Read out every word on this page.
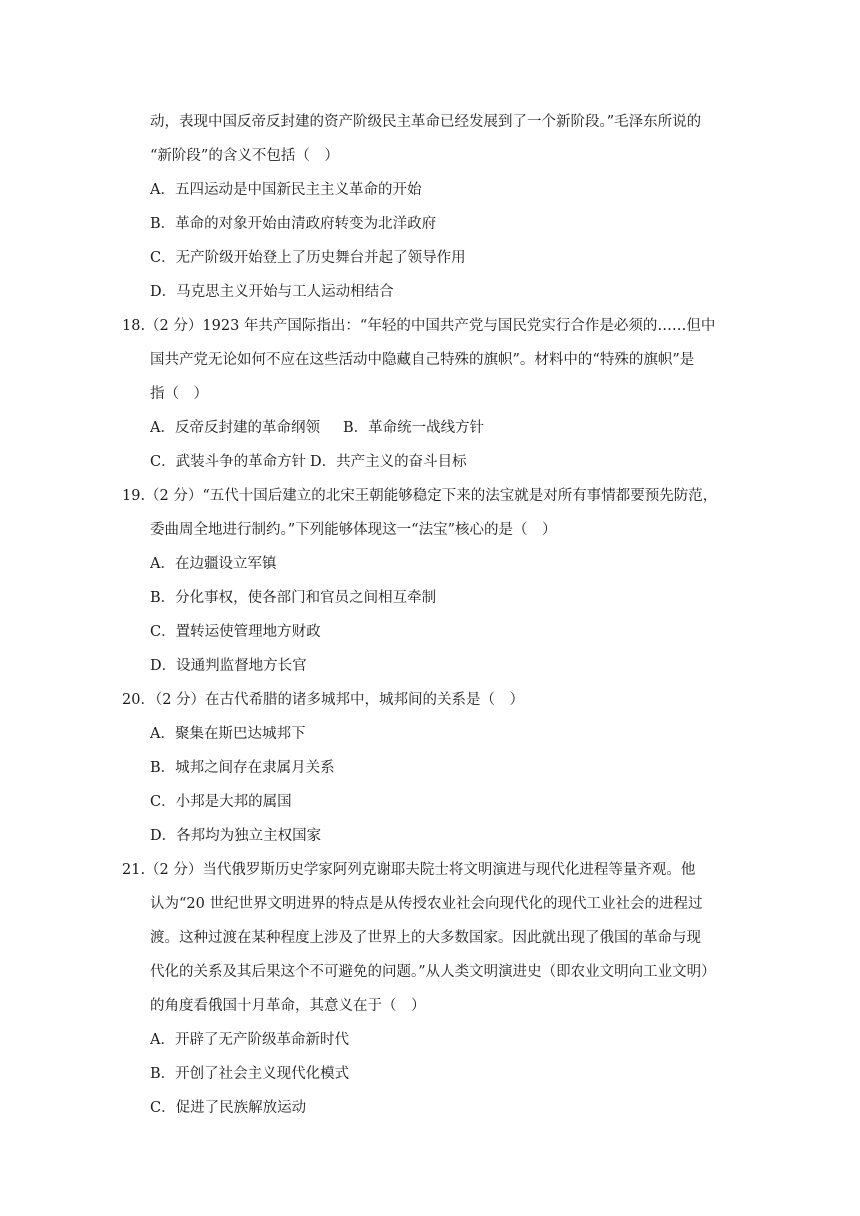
动，表现中国反帝反封建的资产阶级民主革命已经发展到了一个新阶段。”毛泽东所说的
“新阶段”的含义不包括（　）
A．五四运动是中国新民主主义革命的开始
B．革命的对象开始由清政府转变为北洋政府
C．无产阶级开始登上了历史舞台并起了领导作用
D．马克思主义开始与工人运动相结合
18.（2 分）1923 年共产国际指出：“年轻的中国共产党与国民党实行合作是必须的……但中
国共产党无论如何不应在这些活动中隐藏自己特殊的旗帜”。材料中的“特殊的旗帜”是
指（　）
A．反帝反封建的革命纲领 B．革命统一战线方针
C．武装斗争的革命方针 D．共产主义的奋斗目标
19.（2 分）“五代十国后建立的北宋王朝能够稳定下来的法宝就是对所有事情都要预先防范，
委曲周全地进行制约。”下列能够体现这一“法宝”核心的是（　）
A．在边疆设立军镇
B．分化事权，使各部门和官员之间相互牵制
C．置转运使管理地方财政
D．设通判监督地方长官
20．（2 分）在古代希腊的诸多城邦中，城邦间的关系是（　）
A．聚集在斯巴达城邦下
B．城邦之间存在隶属月关系
C．小邦是大邦的属国
D．各邦均为独立主权国家
21.（2 分）当代俄罗斯历史学家阿列克谢耶夫院士将文明演进与现代化进程等量齐观。他
认为“20 世纪世界文明进界的特点是从传授农业社会向现代化的现代工业社会的进程过
渡。这种过渡在某种程度上涉及了世界上的大多数国家。因此就出现了俄国的革命与现
代化的关系及其后果这个不可避免的问题。”从人类文明演进史（即农业文明向工业文明）
的角度看俄国十月革命，其意义在于（　）
A．开辟了无产阶级革命新时代
B．开创了社会主义现代化模式
C．促进了民族解放运动
